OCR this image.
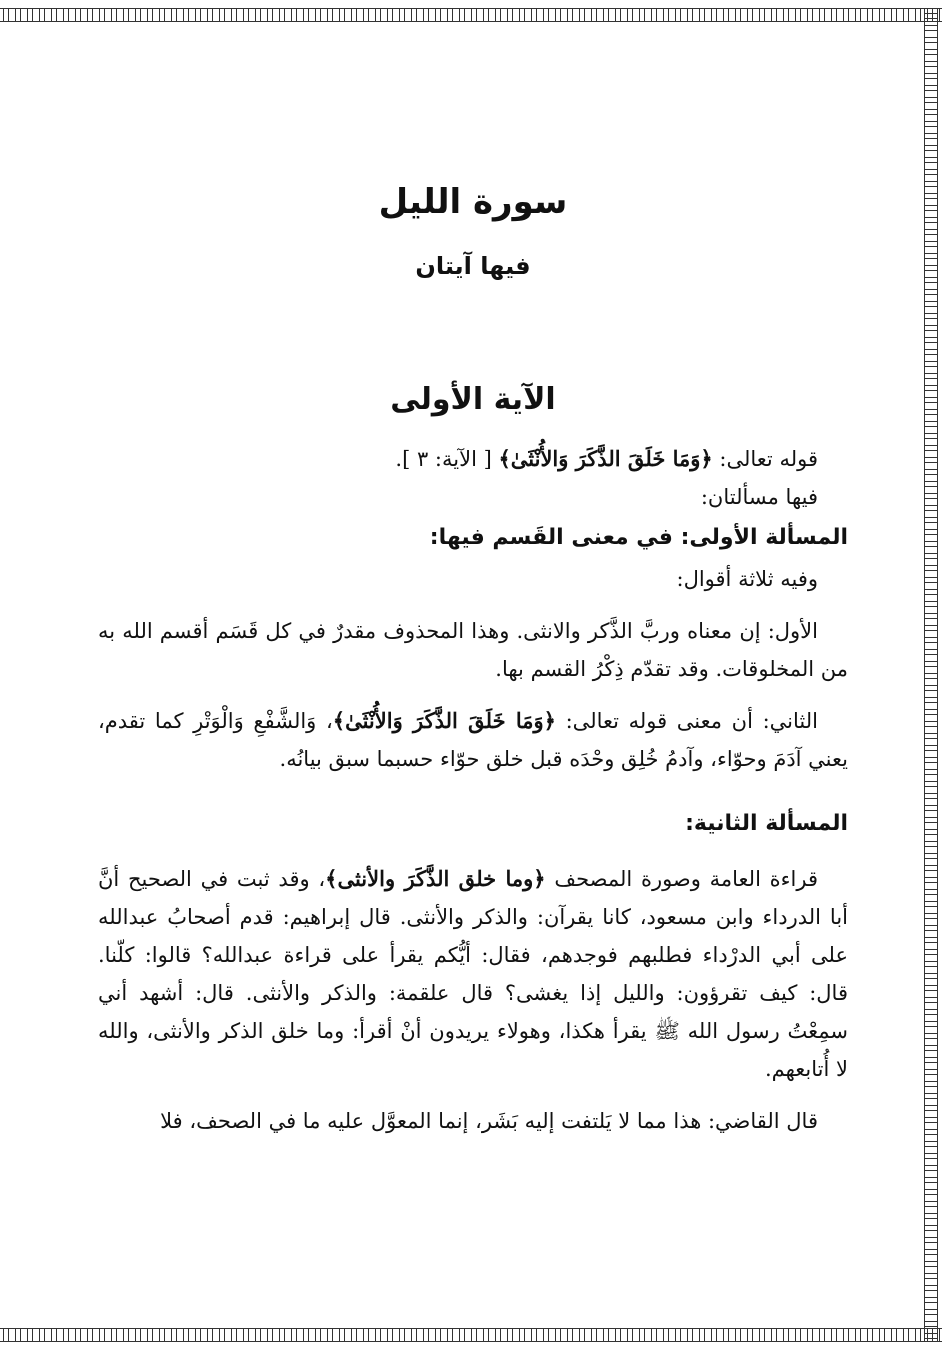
سورة الليل
فيها آيتان
الآية الأولى

قوله تعالى: ﴿وَمَا خَلَقَ الذَّكَرَ وَالأُنْثَىٰ﴾ [ الآية: ٣ ].

فيها مسألتان:

المسألة الأولى: في معنى القَسم فيها:

وفيه ثلاثة أقوال:

الأول: إن معناه وربَّ الذَّكر والانثى. وهذا المحذوف مقدرٌ في كل قَسَم أقسم الله به من المخلوقات. وقد تقدّم ذِكْرُ القسم بها.

الثاني: أن معنى قوله تعالى: ﴿وَمَا خَلَقَ الذَّكَرَ وَالأُنْثَىٰ﴾، وَالشَّفْعِ وَالْوَتْرِ كما تقدم، يعني آدَمَ وحوّاء، وآدمُ خُلِق وحْدَه قبل خلق حوّاء حسبما سبق بيانُه.

المسألة الثانية:

قراءة العامة وصورة المصحف ﴿وما خلق الذَّكَرَ والأنثى﴾، وقد ثبت في الصحيح أنَّ أبا الدرداء وابن مسعود، كانا يقرآن: والذكر والأنثى. قال إبراهيم: قدم أصحابُ عبدالله على أبي الدرْداء فطلبهم فوجدهم، فقال: أيُّكم يقرأ على قراءة عبدالله؟ قالوا: كلّنا. قال: كيف تقرؤون: والليل إذا يغشى؟ قال علقمة: والذكر والأنثى. قال: أشهد أني سمِعْتُ رسول الله ﷺ يقرأ هكذا، وهولاء يريدون أنْ أقرأ: وما خلق الذكر والأنثى، والله لا أُتابعهم.

قال القاضي: هذا مما لا يَلتفت إليه بَشَر، إنما المعوَّل عليه ما في الصحف، فلا
